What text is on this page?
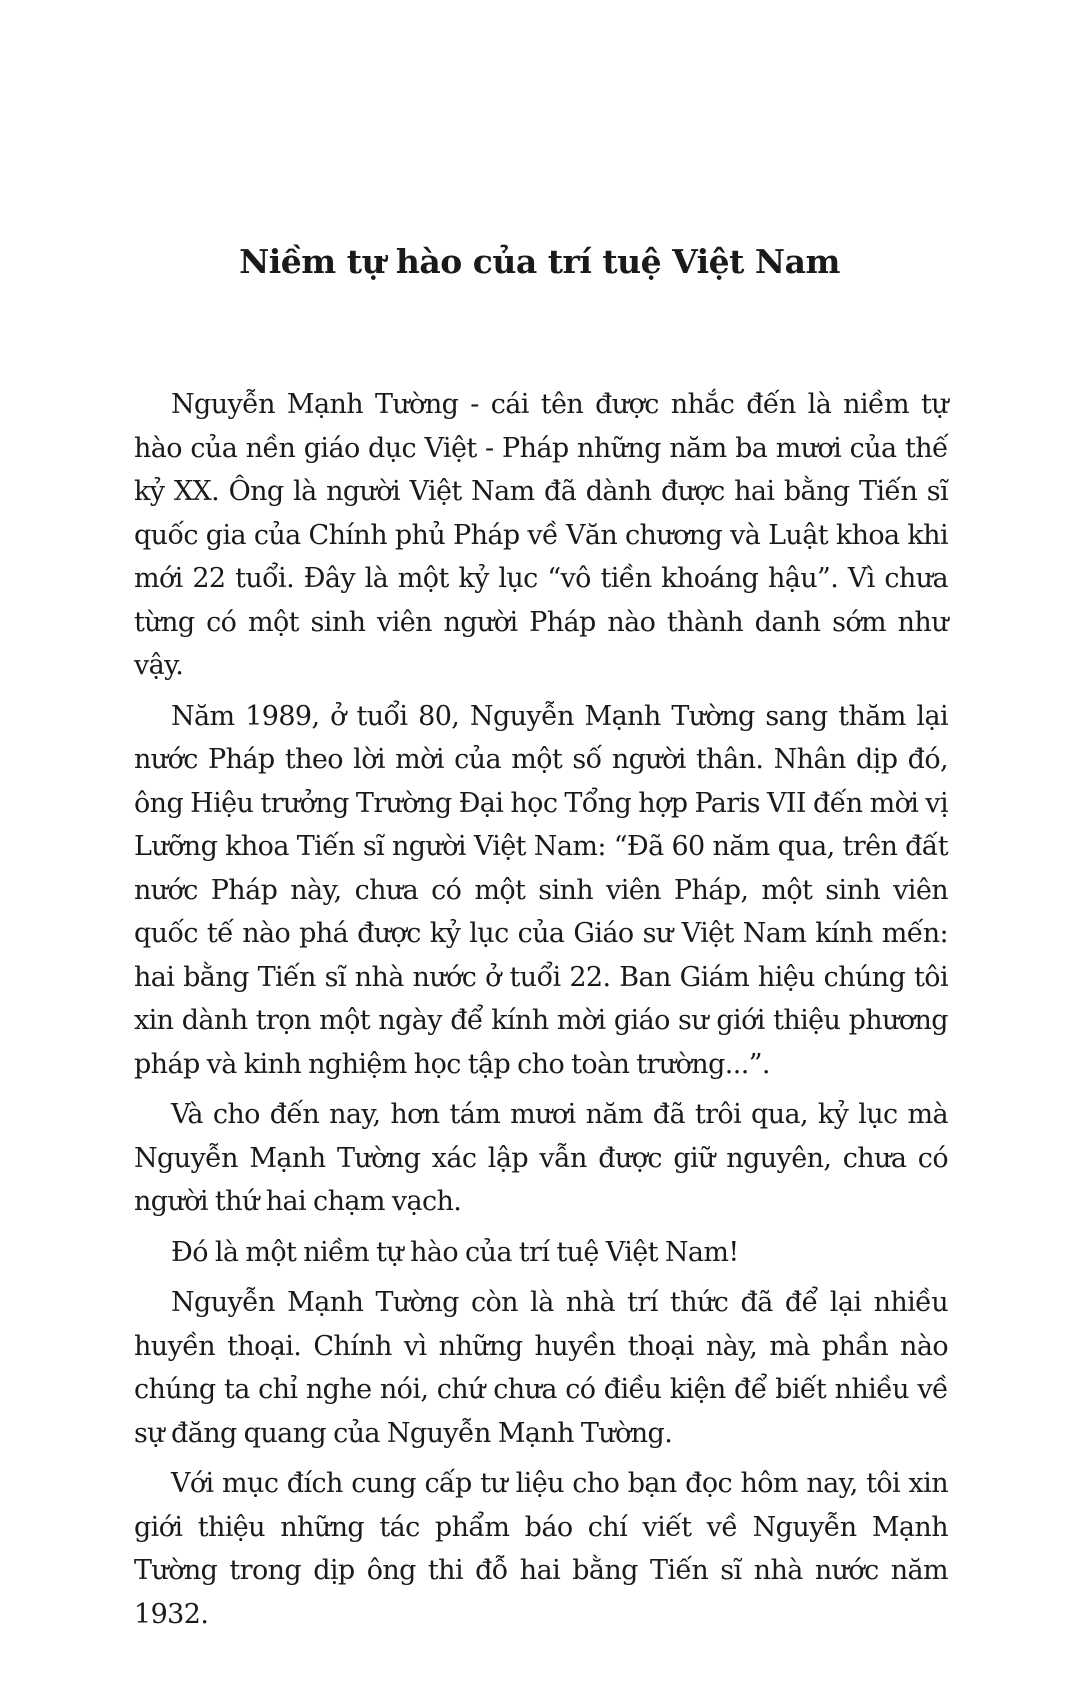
Niềm tự hào của trí tuệ Việt Nam

Nguyễn Mạnh Tường - cái tên được nhắc đến là niềm tự hào của nền giáo dục Việt - Pháp những năm ba mươi của thế kỷ XX. Ông là người Việt Nam đã dành được hai bằng Tiến sĩ quốc gia của Chính phủ Pháp về Văn chương và Luật khoa khi mới 22 tuổi. Đây là một kỷ lục “vô tiền khoáng hậu”. Vì chưa từng có một sinh viên người Pháp nào thành danh sớm như vậy.

Năm 1989, ở tuổi 80, Nguyễn Mạnh Tường sang thăm lại nước Pháp theo lời mời của một số người thân. Nhân dịp đó, ông Hiệu trưởng Trường Đại học Tổng hợp Paris VII đến mời vị Lưỡng khoa Tiến sĩ người Việt Nam: “Đã 60 năm qua, trên đất nước Pháp này, chưa có một sinh viên Pháp, một sinh viên quốc tế nào phá được kỷ lục của Giáo sư Việt Nam kính mến: hai bằng Tiến sĩ nhà nước ở tuổi 22. Ban Giám hiệu chúng tôi xin dành trọn một ngày để kính mời giáo sư giới thiệu phương pháp và kinh nghiệm học tập cho toàn trường...”.

Và cho đến nay, hơn tám mươi năm đã trôi qua, kỷ lục mà Nguyễn Mạnh Tường xác lập vẫn được giữ nguyên, chưa có người thứ hai chạm vạch.

Đó là một niềm tự hào của trí tuệ Việt Nam!

Nguyễn Mạnh Tường còn là nhà trí thức đã để lại nhiều huyền thoại. Chính vì những huyền thoại này, mà phần nào chúng ta chỉ nghe nói, chứ chưa có điều kiện để biết nhiều về sự đăng quang của Nguyễn Mạnh Tường.

Với mục đích cung cấp tư liệu cho bạn đọc hôm nay, tôi xin giới thiệu những tác phẩm báo chí viết về Nguyễn Mạnh Tường trong dịp ông thi đỗ hai bằng Tiến sĩ nhà nước năm 1932.
